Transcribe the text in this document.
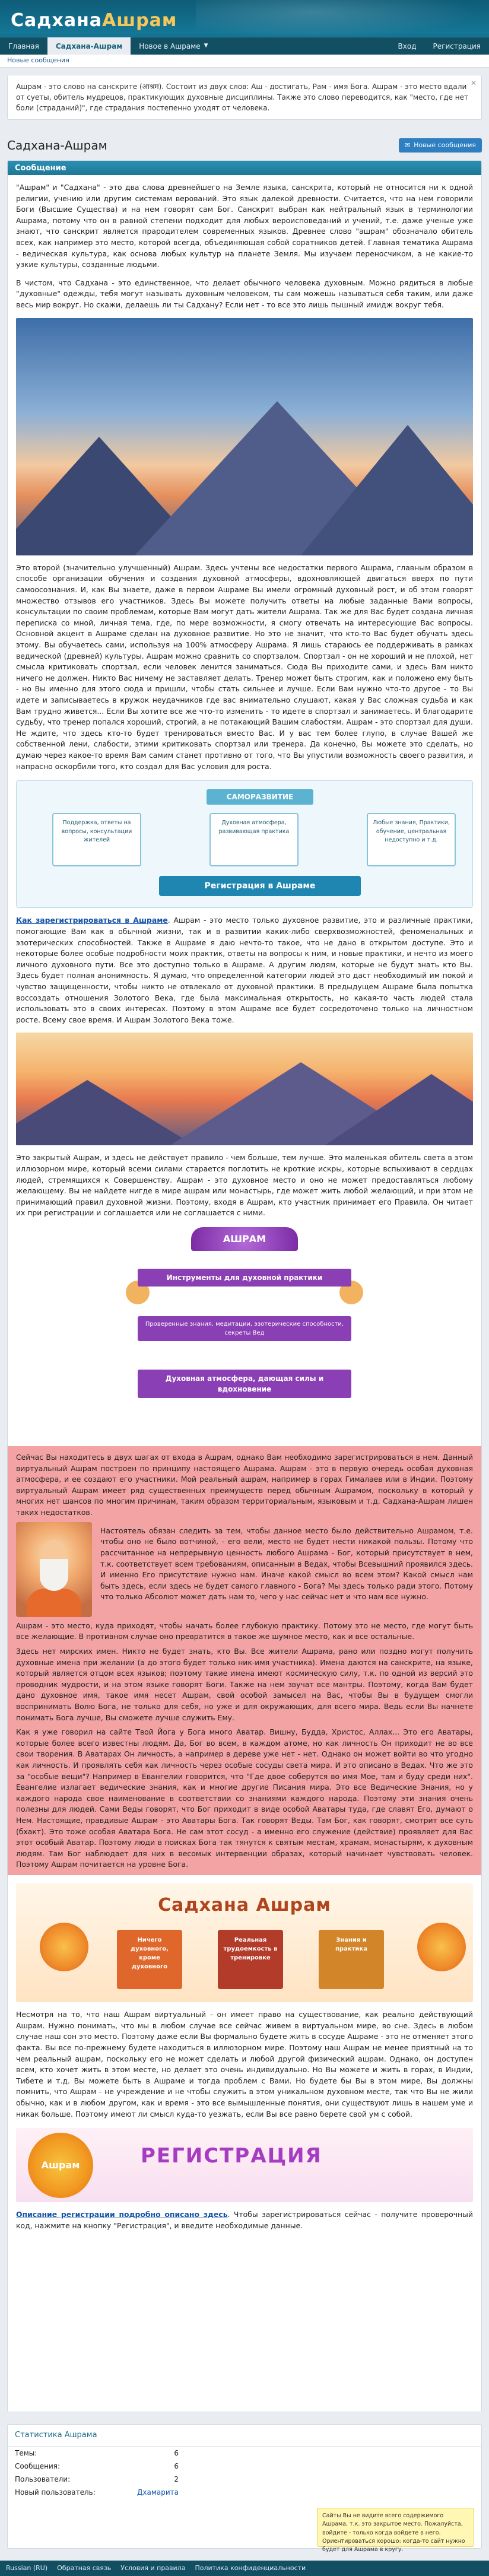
СадханаАшрам
Главная	Садхана-Ашрам	Новое в Ашраме ▼	Вход	Регистрация
Новые сообщения
✕
Ашрам - это слово на санскрите (आश्रम). Состоит из двух слов: Аш - достигать, Рам - имя Бога. Ашрам - это место вдали от суеты, обитель мудрецов, практикующих духовные дисциплины. Также это слово переводится, как "место, где нет боли (страданий)", где страдания постепенно уходят от человека.
Садхана-Ашрам	✉ Новые сообщения
Сообщение

"Ашрам" и "Садхана" - это два слова древнейшего на Земле языка, санскрита, который не относится ни к одной религии, учению или другим системам верований. Это язык далекой древности. Считается, что на нем говорили Боги (Высшие Существа) и на нем говорят сам Бог. Санскрит выбран как нейтральный язык в терминологии Ашрама, потому что он в равной степени подходит для любых вероисповеданий и учений, т.е. даже ученые уже знают, что санскрит является прародителем современных языков. Древнее слово "ашрам" обозначало обитель всех, как например это место, которой всегда, объединяющая собой соратников детей. Главная тематика Ашрама - ведическая культура, как основа любых культур на планете Земля. Мы изучаем переносчиком, а не какие-то узкие культуры, созданные людьми.

В чистом, что Садхана - это единственное, что делает обычного человека духовным. Можно рядиться в любые "духовные" одежды, тебя могут называть духовным человеком, ты сам можешь называться себя таким, или даже весь мир вокруг. Но скажи, делаешь ли ты Садхану? Если нет - то все это лишь пышный имидж вокруг тебя.

Это второй (значительно улучшенный) Ашрам. Здесь учтены все недостатки первого Ашрама, главным образом в способе организации обучения и создания духовной атмосферы, вдохновляющей двигаться вверх по пути самоосознания. И, как Вы знаете, даже в первом Ашраме Вы имели огромный духовный рост, и об этом говорят множество отзывов его участников. Здесь Вы можете получить ответы на любые заданные Вами вопросы, консультации по своим проблемам, которые Вам могут дать жители Ашрама. Так же для Вас будет создана личная переписка со мной, личная тема, где, по мере возможности, я смогу отвечать на интересующие Вас вопросы. Основной акцент в Ашраме сделан на духовное развитие. Но это не значит, что кто-то Вас будет обучать здесь этому. Вы обучаетесь сами, используя на 100% атмосферу Ашрама. Я лишь стараюсь ее поддерживать в рамках ведической (древней) культуры. Ашрам можно сравнить со спортзалом. Спортзал - он не хороший и не плохой, нет смысла критиковать спортзал, если человек ленится заниматься. Сюда Вы приходите сами, и здесь Вам никто ничего не должен. Никто Вас ничему не заставляет делать. Тренер может быть строгим, как и положено ему быть - но Вы именно для этого сюда и пришли, чтобы стать сильнее и лучше. Если Вам нужно что-то другое - то Вы идете и записываетесь в кружок неудачников где вас внимательно слушают, какая у Вас сложная судьба и как Вам трудно живется... Если Вы хотите все же что-то изменить - то идете в спортзал и занимаетесь. И благодарите судьбу, что тренер попался хороший, строгий, а не потакающий Вашим слабостям. Ашрам - это спортзал для души. Не ждите, что здесь кто-то будет тренироваться вместо Вас. И у вас тем более глупо, в случае Вашей же собственной лени, слабости, этими критиковать спортзал или тренера. Да конечно, Вы можете это сделать, но думаю через какое-то время Вам самим станет противно от того, что Вы упустили возможность своего развития, и напрасно оскорбили того, кто создал для Вас условия для роста.

САМОРАЗВИТИЕ
Поддержка, ответы на вопросы, консультации жителей
Духовная атмосфера, развивающая практика
Любые знания, Практики, обучение, центральная недоступно и т.д.
Регистрация в Ашраме

Как зарегистрироваться в Ашраме. Ашрам - это место только духовное развитие, это и различные практики, помогающие Вам как в обычной жизни, так и в развитии каких-либо сверхвозможностей, феноменальных и эзотерических способностей. Также в Ашраме я даю нечто-то такое, что не дано в открытом доступе. Это и некоторые более особые подробности моих практик, ответы на вопросы к ним, и новые практики, и нечто из моего личного духовного пути. Все это доступно только в Ашраме. А другим людям, которые не будут знать кто Вы. Здесь будет полная анонимность. Я думаю, что определенной категории людей это даст необходимый им покой и чувство защищенности, чтобы никто не отвлекало от духовной практики. В предыдущем Ашраме была попытка воссоздать отношения Золотого Века, где была максимальная открытость, но какая-то часть людей стала использовать это в своих интересах. Поэтому в этом Ашраме все будет сосредоточено только на личностном росте. Всему свое время. И Ашрам Золотого Века тоже.

Это закрытый Ашрам, и здесь не действует правило - чем больше, тем лучше. Это маленькая обитель света в этом иллюзорном мире, который всеми силами старается поглотить не кроткие искры, которые вспыхивают в сердцах людей, стремящихся к Совершенству. Ашрам - это духовное место и оно не может предоставляться любому желающему. Вы не найдете нигде в мире ашрам или монастырь, где может жить любой желающий, и при этом не принимающий правил духовной жизни. Поэтому, входя в Ашрам, кто участник принимает его Правила. Он читает их при регистрации и соглашается или не соглашается с ними.

АШРАМ
Инструменты для духовной практики
Проверенные знания, медитации, эзотерические способности, секреты Вед
Духовная атмосфера, дающая силы и вдохновение

Сейчас Вы находитесь в двух шагах от входа в Ашрам, однако Вам необходимо зарегистрироваться в нем. Данный виртуальный Ашрам построен по принципу настоящего Ашрама. Ашрам - это в первую очередь особая духовная атмосфера, и ее создают его участники. Мой реальный ашрам, например в горах Гималаев или в Индии. Поэтому виртуальный Ашрам имеет ряд существенных преимуществ перед обычным Ашрамом, поскольку в который у многих нет шансов по многим причинам, таким образом территориальным, языковым и т.д. Садхана-Ашрам лишен таких недостатков.

Настоятель обязан следить за тем, чтобы данное место было действительно Ашрамом, т.е. чтобы оно не было вотчиной, - его вели, место не будет нести никакой пользы. Потому что рассчитанное на непрерывную ценность любого Ашрама - Бог, который присутствует в нем, т.к. соответствует всем требованиям, описанным в Ведах, чтобы Всевышний проявился здесь. И именно Его присутствие нужно нам. Иначе какой смысл во всем этом? Какой смысл нам быть здесь, если здесь не будет самого главного - Бога? Мы здесь только ради этого. Потому что только Абсолют может дать нам то, чего у нас сейчас нет и что нам все нужно.

Ашрам - это место, куда приходят, чтобы начать более глубокую практику. Потому это не место, где могут быть все желающие. В противном случае оно превратится в такое же шумное место, как и все остальные.

Здесь нет мирских имен. Никто не будет знать, кто Вы. Все жители Ашрама, рано или поздно могут получить духовные имена при желании (а до этого будет только ник-имя участника). Имена даются на санскрите, на языке, который является отцом всех языков; поэтому такие имена имеют космическую силу, т.к. по одной из версий это проводник мудрости, и на этом языке говорят Боги. Также на нем звучат все мантры. Поэтому, когда Вам будет дано духовное имя, такое имя несет Ашрам, свой особой замысел на Вас, чтобы Вы в будущем смогли воспринимать Волю Бога, не только для себя, но уже и для окружающих, для всего мира. Ведь если Вы начнете понимать Бога лучше, Вы сможете лучше служить Ему.

Как я уже говорил на сайте Твой Йога у Бога много Аватар. Вишну, Будда, Христос, Аллах... Это его Аватары, которые более всего известны людям. Да, Бог во всем, в каждом атоме, но как личность Он приходит не во все свои творения. В Аватарах Он личность, а например в дереве уже нет - нет. Однако он может войти во что угодно как личность. И проявлять себя как личность через особые сосуды света мира. И это описано в Ведах. Что же это за "особые вещи"? Например в Евангелии говорится, что "Где двое соберутся во имя Мое, там и буду среди них". Евангелие излагает ведические знания, как и многие другие Писания мира. Это все Ведические Знания, но у каждого народа свое наименование в соответствии со знаниями каждого народа. Поэтому эти знания очень полезны для людей. Сами Веды говорят, что Бог приходит в виде особой Аватары туда, где славят Его, думают о Нем. Настоящие, правдивые Ашрам - это Аватары Бога. Так говорят Веды. Там Бог, как говорят, смотрит все суть (бхакт). Это тоже особая Аватара Бога. Не сам этот сосуд - а именно его служение (действие) проявляет для Вас этот особый Аватар. Поэтому люди в поисках Бога так тянутся к святым местам, храмам, монастырям, к духовным людям. Там Бог наблюдает для них в весомых интервенции образах, который начинает чувствовать человек. Поэтому Ашрам почитается на уровне Бога.

Садхана Ашрам
Ничего духовного, кроме духовного
Реальная трудоемкость в тренировке
Знания и практика

Несмотря на то, что наш Ашрам виртуальный - он имеет право на существование, как реально действующий Ашрам. Нужно понимать, что мы в любом случае все сейчас живем в виртуальном мире, во сне. Здесь в любом случае наш сон это место. Поэтому даже если Вы формально будете жить в сосуде Ашраме - это не отменяет этого факта. Вы все по-прежнему будете находиться в иллюзорном мире. Поэтому наш Ашрам не менее приятный на то чем реальный ашрам, поскольку его не может сделать и любой другой физический ашрам. Однако, он доступен всем, кто хочет жить в этом месте, но делает это очень индивидуально. Но Вы можете и жить в горах, в Индии, Тибете и т.д. Вы можете быть в Ашраме и тогда проблем с Вами. Но будете бы Вы в этом мире, Вы должны помнить, что Ашрам - не учреждение и не чтобы служить в этом уникальном духовном месте, так что Вы не жили обычно, как и в любом другом, как и время - это все вымышленные понятия, они существуют лишь в нашем уме и никак больше. Поэтому имеют ли смысл куда-то уезжать, если Вы все равно берете свой ум с собой.

Ашрам	РЕГИСТРАЦИЯ

Описание регистрации подробно описано здесь. Чтобы зарегистрироваться сейчас - получите проверочный код, нажмите на кнопку "Регистрация", и введите необходимые данные.

Статистика Ашрама
Темы:	6
Сообщения:	6
Пользователи:	2
Новый пользователь:	Дхамарита
Сайты Вы не видите всего содержимого Ашрама, т.к. это закрытое место. Пожалуйста, войдите - только когда войдете в него. Ориентироваться хорошо: когда-то сайт нужно будет для Ашрама в кругу.
Russian (RU) Обратная связь Условия и правила Политика конфиденциальности
